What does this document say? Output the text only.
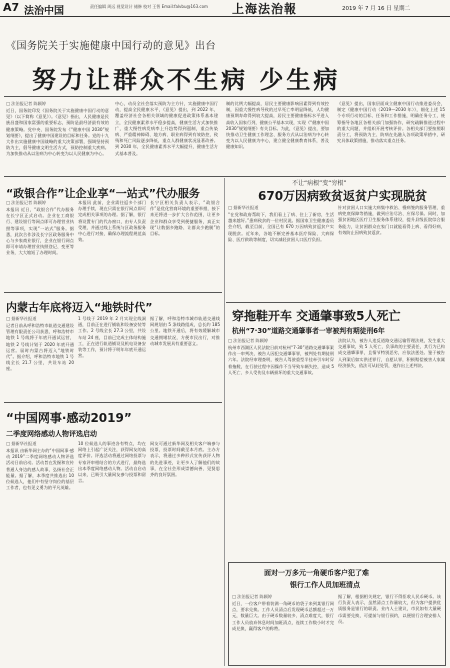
A7 法治中国	责任编辑 周远 视觉设计 储修 校对 王智 Email:falvbu@163.com 上海法治報	2019 年 7 月 16 日 星期二
《国务院关于实施健康中国行动的意见》出台
努力让群众不生病 少生病
□ 法治报记者 陈颖婷
近日，国务院印发《国务院关于实施健康中国行动的意见》（以下简称《意见》）。《意见》指出，人民健康是民族昌盛和国家富强的重要标志，预防是最经济最有效的健康策略。党中央、国务院发布《“健康中国 2030”规划纲要》，提出了健康中国建设的目标和任务。党的十九大作出实施健康中国战略的重大决策部署，强调坚持预防为主，倡导健康文明生活方式，预防控制重大疾病。为加快推动从以治病为中心转变为以人民健康为中心。
中心，动员全社会落实预防为主方针，实施健康中国行动，提高全民健康水平，《意见》提出，到 2022 年，覆盖经济社会各相关领域的健康促进政策体系基本建立，全民健康素养水平稳步提高，健康生活方式加快推广，重大慢性病发病率上升趋势得到遏制，重点传染病、严重精神障碍、地方病、职业病得到有效防控，致残和死亡风险逐步降低，重点人群健康状况显著改善。到 2030 年，全民健康素养水平大幅提升，健康生活方式基本普及。
制的比例大幅提高，居民主要健康影响因素得到有效控制，因重大慢性病导致的过早死亡率明显降低，人均健康预期寿命得到较大提高，居民主要健康指标水平进入高收入国家行列，健康公平基本实现，实现《“健康中国 2030”规划纲要》有关目标。为此，《意见》提出，要加快推动卫生健康工作理念、服务方式从以治病为中心转变为以人民健康为中心，建立健全健康教育体系，普及健康知识。
《意见》提出，国家层面成立健康中国行动推进委员会，制定《健康中国行动（2019—2030 年）》，细化上述 15 个专项行动的目标、任务和工作措施，明确任务分工，统筹指导各地区各相关部门加强协作，研究疏解推进过程中的重大问题，并组织开展考核评价。各相关部门要按照职责分工，将预防为主、防病在先融入各项政策举措中，研究具体政策措施，推动落实重点任务。
“政银合作”让企业享“一站式”代办服务
□ 法治报记者 陈颖婷
本报讯 近日，“政银合作”代办服务在长宁区正式启动。企业在工商银行、建设银行等网点即可办理营业执照等事项，实现“一站式”服务。据悉，此次合作涉及长宁区政务服务中心与多家商业银行，企业在银行网点即可申请办理营业执照登记、变更等业务，大大缩短了办理时间。
本报讯 此前，企业需往返多个部门办理手续，现在只需在银行网点即可完成相关事项的办理。据了解，银行将设置专门的代办窗口，由专人负责受理，并通过线上系统与区政务服务中心进行对接，确保办理流程规范高效。
长宁区相关负责人表示，“政银合作”是优化营商环境的重要举措，接下来还将进一步扩大合作范围，让更多企业和群众享受到便捷服务，真正实现“让数据多跑路、让群众少跑腿”的目标。
内蒙古年底将迈入“地铁时代”
□ 据新华社报道
记者日前从呼和浩特市轨道交通建设管理有限责任公司获悉，呼和浩特市地铁 1 号线将于年底开通试运营，地铁 2 号线计划于 2020 年底开通运营。届时内蒙古将迈入“地铁时代”。据介绍，呼和浩特市地铁 1 号线全长 21.7 公里，共设车站 20 座。
1 号线于 2019 年 2 月实现全线洞通，目前正在进行铺轨和设备安装等工作。2 号线全长 27.3 公里，共设车站 24 座，目前已完成主体结构施工，正在进行轨道铺设及机电设备安装等工作，预计将于明年年底开通运营。
据了解，呼和浩特市城市轨道交通线网规划由 5 条线路组成，总长约 185 公里。地铁开通后，将有效缓解城市交通拥堵状况，方便市民出行，对推动城市发展具有重要意义。
“中国网事·感动2019”
二季度网络感动人物评选启动
□ 据新华社报道
本报讯 由新华网主办的“中国网事·感动 2019”二季度网络感动人物评选活动日前启动。活动旨在发掘和宣传普通人身边的感人故事，弘扬社会正能量。据了解，本季度共推选出 10 位候选人，他们中有坚守岗位的基层工作者，也有见义勇为的平凡英雄。
10 位候选人的事迹各有特点，均在网络上引起广泛关注，获得网友的高度评价。评选活动将通过网络投票与专家评审相结合的方式进行，最终选出本季度网络感动人物。活动自启动以来，已吸引大量网友参与投票和留言。
网友可通过新华网及相关客户端参与投票，投票时间截至本月底。主办方表示，将通过多种形式宣传获评人物的先进事迹，让更多人了解他们的故事，在全社会形成崇德向善、见贤思齐的良好氛围。
不让“病根”变“穷根”
670万因病致贫返贫户实现脱贫
□ 据新华社报道
“在党和政府帮助下，我们看上了病、住上了新房，生活越来越好。”患病致贫的一位村民说。据国家卫生健康委员会介绍，截至目前，全国已有 670 万因病致贫返贫户实现脱贫。近年来，各地不断完善基本医疗保险、大病保险、医疗救助等制度，切实减轻贫困人口医疗负担。
针对贫困人口实施大病集中救治、慢病签约服务管理、重病兜底保障等措施，做到应治尽治、应保尽保。同时，加强贫困地区医疗卫生服务体系建设，提升县级医院综合服务能力，让贫困群众在家门口就能看得上病、看得好病，有效防止因病致贫返贫。
穿拖鞋开车 交通肇事致5人死亡
杭州“7·30”道路交通肇事者一审被判有期徒刑6年
□ 法治报记者 陈颖婷
杭州市西湖区人民法院日前对杭州“7·30”道路交通肇事案作出一审判决，被告人因犯交通肇事罪，被判处有期徒刑六年。法院经审理查明，被告人驾驶重型半挂牵引车时穿着拖鞋，在行驶过程中因操作不当导致车辆失控，造成 5 人死亡、多人受伤及车辆损坏的重大交通事故。
法院认为，被告人违反道路交通运输管理法规，发生重大交通事故，致 5 人死亡，负事故的主要责任，其行为已构成交通肇事罪，且情节特别恶劣，应依法惩处。鉴于被告人到案后如实供述罪行，自愿认罪，积极赔偿被害人家属经济损失，依法可从轻处罚，遂作出上述判决。
面对一万多元一角硬币客户犯了难
银行工作人员加班清点
□ 法治报记者 陈颖婷
近日，一位客户带着装满一角硬币的袋子来到某银行网点，要求兑换。工作人员清点后发现硬币总额超过一万元，数量巨大。由于硬币数量较多、清点难度大，银行工作人员放弃休息时间加班清点，连续工作数小时才完成兑换，赢得客户的称赞。
据了解，根据相关规定，银行不得拒收人民币硬币。该行负责人表示，虽然清点工作量较大，但为客户提供优质服务是银行的职责。业内人士建议，市民如有大量硬币需要兑换，可提前与银行预约，以便银行合理安排人员。
